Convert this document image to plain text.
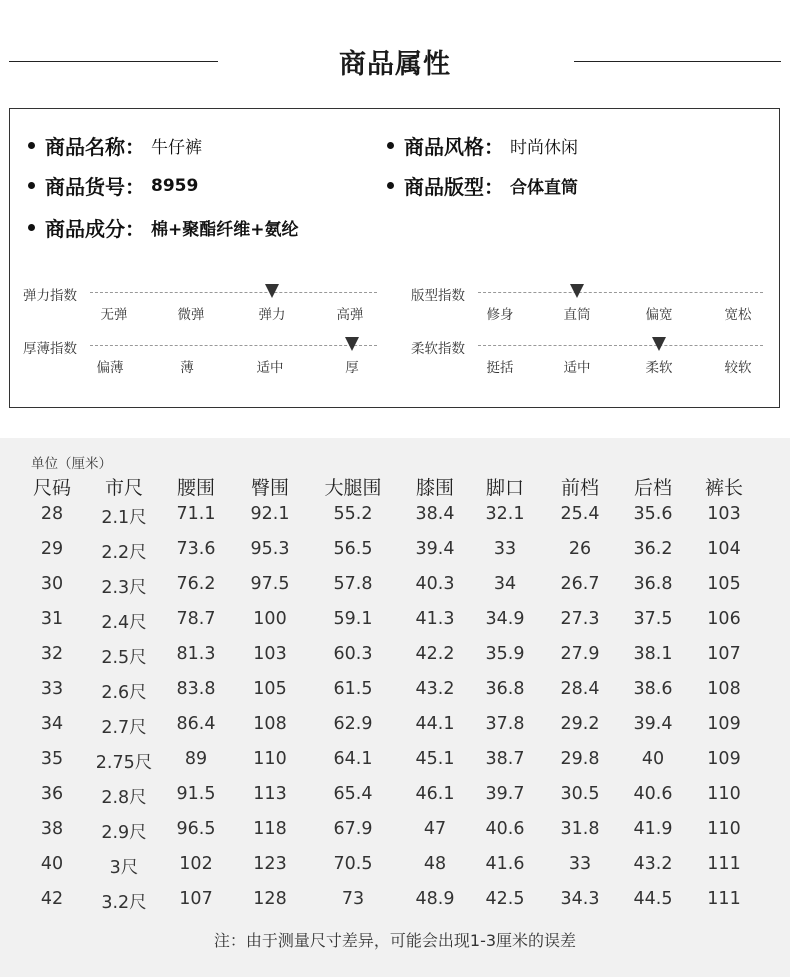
商品属性
商品名称 ： 牛仔裤	商品风格 ： 时尚休闲
商品货号 ： 8959	商品版型 ： 合体直筒
商品成分 ： 棉+聚酯纤维+氨纶
弹力指数
无弹	微弹	弹力	高弹
厚薄指数
偏薄	薄	适中	厚
版型指数
修身	直筒	偏宽	宽松
柔软指数
挺括	适中	柔软	较软
单位（厘米）
尺码	市尺	腰围	臀围	大腿围	膝围	脚口	前档	后档	裤长
28	2.1尺	71.1	92.1	55.2	38.4	32.1	25.4	35.6	103
29	2.2尺	73.6	95.3	56.5	39.4	33	26	36.2	104
30	2.3尺	76.2	97.5	57.8	40.3	34	26.7	36.8	105
31	2.4尺	78.7	100	59.1	41.3	34.9	27.3	37.5	106
32	2.5尺	81.3	103	60.3	42.2	35.9	27.9	38.1	107
33	2.6尺	83.8	105	61.5	43.2	36.8	28.4	38.6	108
34	2.7尺	86.4	108	62.9	44.1	37.8	29.2	39.4	109
35	2.75尺	89	110	64.1	45.1	38.7	29.8	40	109
36	2.8尺	91.5	113	65.4	46.1	39.7	30.5	40.6	110
38	2.9尺	96.5	118	67.9	47	40.6	31.8	41.9	110
40	3尺	102	123	70.5	48	41.6	33	43.2	111
42	3.2尺	107	128	73	48.9	42.5	34.3	44.5	111
注：由于测量尺寸差异，可能会出现1-3厘米的误差
